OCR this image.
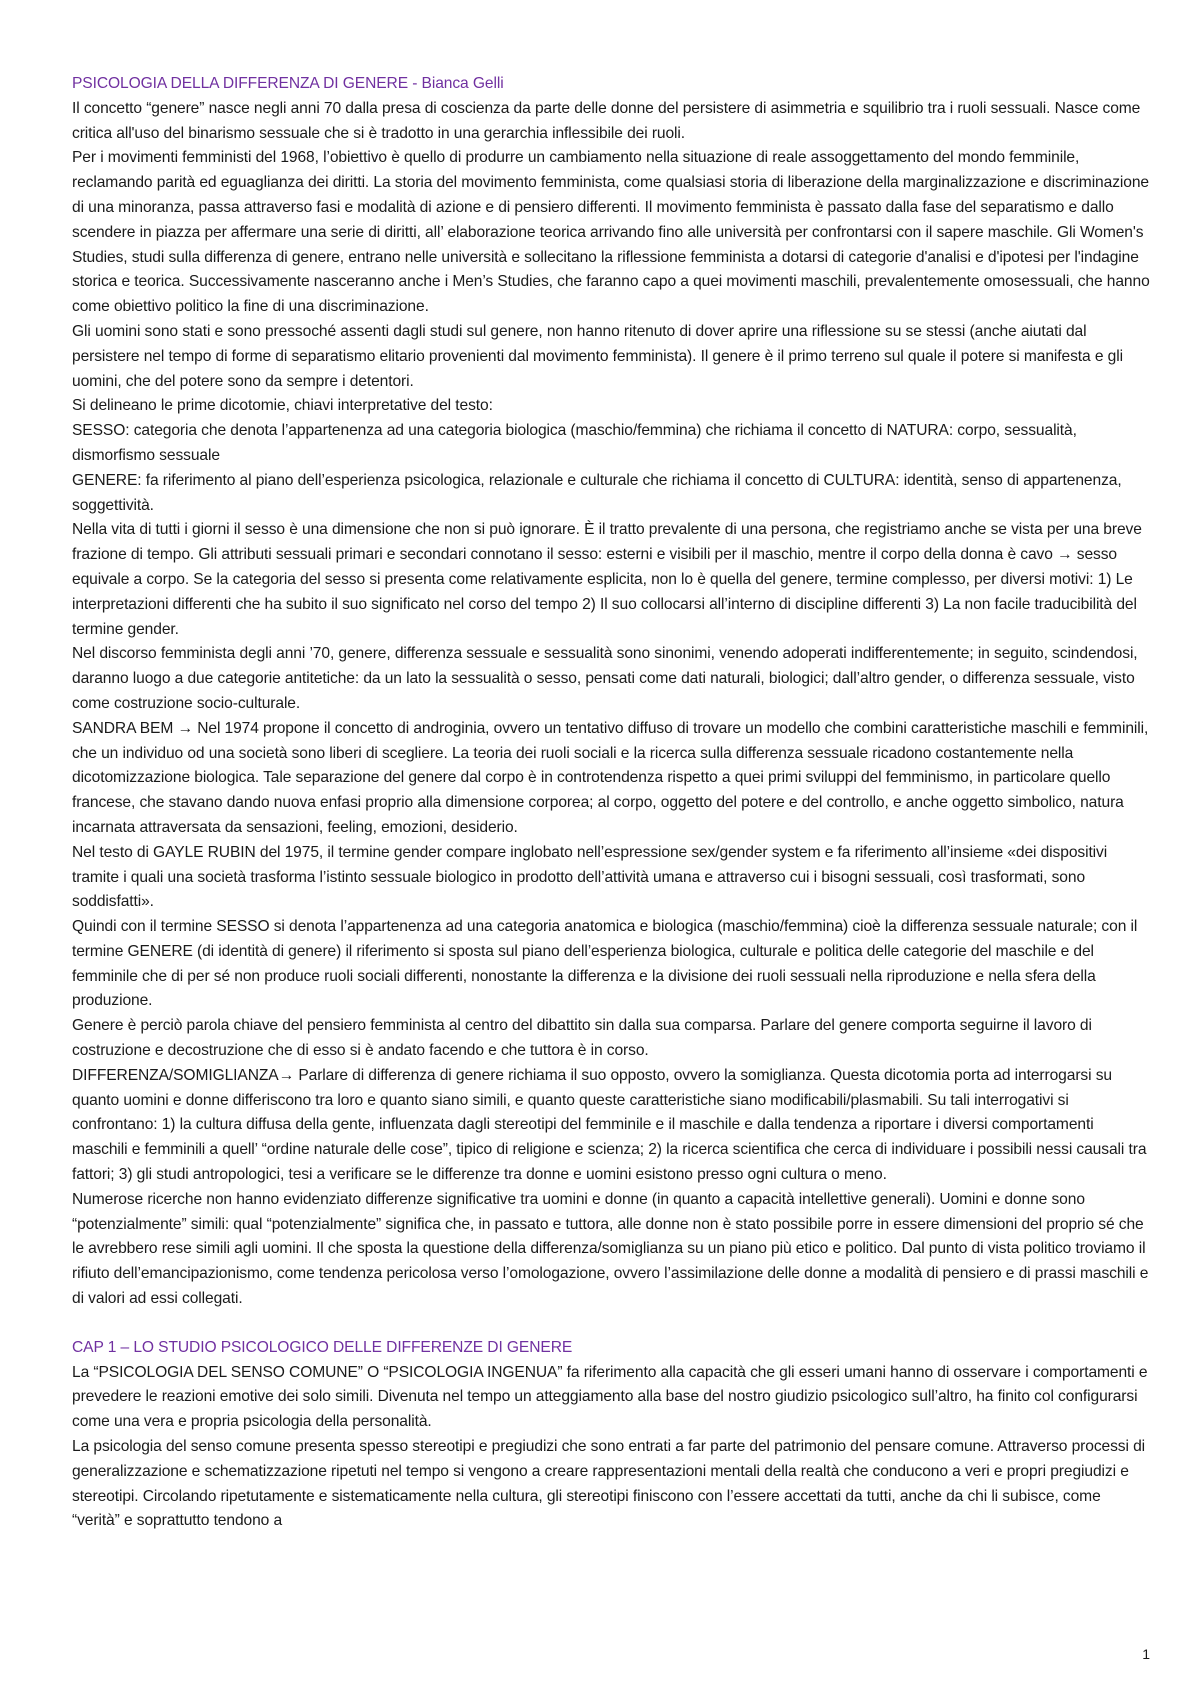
PSICOLOGIA DELLA DIFFERENZA DI GENERE - Bianca Gelli

Il concetto “genere” nasce negli anni 70 dalla presa di coscienza da parte delle donne del persistere di asimmetria e squilibrio tra i ruoli sessuali. Nasce come critica all'uso del binarismo sessuale che si è tradotto in una gerarchia inflessibile dei ruoli.

Per i movimenti femministi del 1968, l’obiettivo è quello di produrre un cambiamento nella situazione di reale assoggettamento del mondo femminile, reclamando parità ed eguaglianza dei diritti. La storia del movimento femminista, come qualsiasi storia di liberazione della marginalizzazione e discriminazione di una minoranza, passa attraverso fasi e modalità di azione e di pensiero differenti. Il movimento femminista è passato dalla fase del separatismo e dallo scendere in piazza per affermare una serie di diritti, all’ elaborazione teorica arrivando fino alle università per confrontarsi con il sapere maschile. Gli Women's Studies, studi sulla differenza di genere, entrano nelle università e sollecitano la riflessione femminista a dotarsi di categorie d'analisi e d'ipotesi per l'indagine storica e teorica. Successivamente nasceranno anche i Men’s Studies, che faranno capo a quei movimenti maschili, prevalentemente omosessuali, che hanno come obiettivo politico la fine di una discriminazione.

Gli uomini sono stati e sono pressoché assenti dagli studi sul genere, non hanno ritenuto di dover aprire una riflessione su se stessi (anche aiutati dal persistere nel tempo di forme di separatismo elitario provenienti dal movimento femminista). Il genere è il primo terreno sul quale il potere si manifesta e gli uomini, che del potere sono da sempre i detentori.

Si delineano le prime dicotomie, chiavi interpretative del testo:

SESSO: categoria che denota l’appartenenza ad una categoria biologica (maschio/femmina) che richiama il concetto di NATURA: corpo, sessualità, dismorfismo sessuale

GENERE: fa riferimento al piano dell’esperienza psicologica, relazionale e culturale che richiama il concetto di CULTURA: identità, senso di appartenenza, soggettività.

Nella vita di tutti i giorni il sesso è una dimensione che non si può ignorare. È il tratto prevalente di una persona, che registriamo anche se vista per una breve frazione di tempo. Gli attributi sessuali primari e secondari connotano il sesso: esterni e visibili per il maschio, mentre il corpo della donna è cavo → sesso equivale a corpo. Se la categoria del sesso si presenta come relativamente esplicita, non lo è quella del genere, termine complesso, per diversi motivi: 1) Le interpretazioni differenti che ha subito il suo significato nel corso del tempo 2) Il suo collocarsi all’interno di discipline differenti 3) La non facile traducibilità del termine gender.

Nel discorso femminista degli anni ’70, genere, differenza sessuale e sessualità sono sinonimi, venendo adoperati indifferentemente; in seguito, scindendosi, daranno luogo a due categorie antitetiche: da un lato la sessualità o sesso, pensati come dati naturali, biologici; dall’altro gender, o differenza sessuale, visto come costruzione socio-culturale.

SANDRA BEM → Nel 1974 propone il concetto di androginia, ovvero un tentativo diffuso di trovare un modello che combini caratteristiche maschili e femminili, che un individuo od una società sono liberi di scegliere. La teoria dei ruoli sociali e la ricerca sulla differenza sessuale ricadono costantemente nella dicotomizzazione biologica. Tale separazione del genere dal corpo è in controtendenza rispetto a quei primi sviluppi del femminismo, in particolare quello francese, che stavano dando nuova enfasi proprio alla dimensione corporea; al corpo, oggetto del potere e del controllo, e anche oggetto simbolico, natura incarnata attraversata da sensazioni, feeling, emozioni, desiderio.

Nel testo di GAYLE RUBIN del 1975, il termine gender compare inglobato nell’espressione sex/gender system e fa riferimento all’insieme «dei dispositivi tramite i quali una società trasforma l’istinto sessuale biologico in prodotto dell’attività umana e attraverso cui i bisogni sessuali, così trasformati, sono soddisfatti».

Quindi con il termine SESSO si denota l’appartenenza ad una categoria anatomica e biologica (maschio/femmina) cioè la differenza sessuale naturale; con il termine GENERE (di identità di genere) il riferimento si sposta sul piano dell’esperienza biologica, culturale e politica delle categorie del maschile e del femminile che di per sé non produce ruoli sociali differenti, nonostante la differenza e la divisione dei ruoli sessuali nella riproduzione e nella sfera della produzione.

Genere è perciò parola chiave del pensiero femminista al centro del dibattito sin dalla sua comparsa. Parlare del genere comporta seguirne il lavoro di costruzione e decostruzione che di esso si è andato facendo e che tuttora è in corso.

DIFFERENZA/SOMIGLIANZA→ Parlare di differenza di genere richiama il suo opposto, ovvero la somiglianza. Questa dicotomia porta ad interrogarsi su quanto uomini e donne differiscono tra loro e quanto siano simili, e quanto queste caratteristiche siano modificabili/plasmabili. Su tali interrogativi si confrontano: 1) la cultura diffusa della gente, influenzata dagli stereotipi del femminile e il maschile e dalla tendenza a riportare i diversi comportamenti maschili e femminili a quell’ “ordine naturale delle cose”, tipico di religione e scienza; 2) la ricerca scientifica che cerca di individuare i possibili nessi causali tra fattori; 3) gli studi antropologici, tesi a verificare se le differenze tra donne e uomini esistono presso ogni cultura o meno.

Numerose ricerche non hanno evidenziato differenze significative tra uomini e donne (in quanto a capacità intellettive generali). Uomini e donne sono “potenzialmente” simili: qual “potenzialmente” significa che, in passato e tuttora, alle donne non è stato possibile porre in essere dimensioni del proprio sé che le avrebbero rese simili agli uomini. Il che sposta la questione della differenza/somiglianza su un piano più etico e politico. Dal punto di vista politico troviamo il rifiuto dell’emancipazionismo, come tendenza pericolosa verso l’omologazione, ovvero l’assimilazione delle donne a modalità di pensiero e di prassi maschili e di valori ad essi collegati.

CAP 1 – LO STUDIO PSICOLOGICO DELLE DIFFERENZE DI GENERE

La “PSICOLOGIA DEL SENSO COMUNE” O “PSICOLOGIA INGENUA” fa riferimento alla capacità che gli esseri umani hanno di osservare i comportamenti e prevedere le reazioni emotive dei solo simili. Divenuta nel tempo un atteggiamento alla base del nostro giudizio psicologico sull’altro, ha finito col configurarsi come una vera e propria psicologia della personalità.

La psicologia del senso comune presenta spesso stereotipi e pregiudizi che sono entrati a far parte del patrimonio del pensare comune. Attraverso processi di generalizzazione e schematizzazione ripetuti nel tempo si vengono a creare rappresentazioni mentali della realtà che conducono a veri e propri pregiudizi e stereotipi. Circolando ripetutamente e sistematicamente nella cultura, gli stereotipi finiscono con l’essere accettati da tutti, anche da chi li subisce, come “verità” e soprattutto tendono a

1
